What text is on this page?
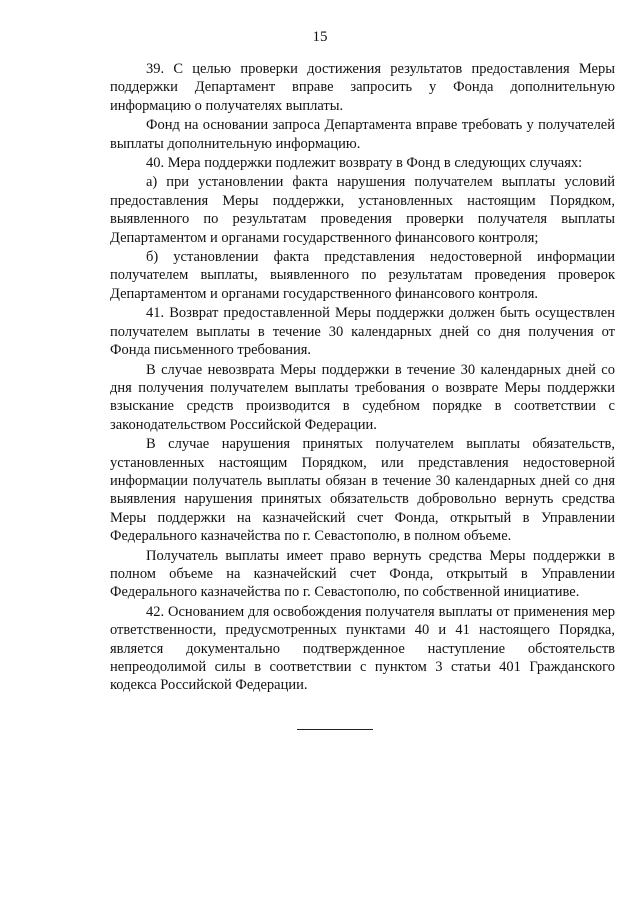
15

39. С целью проверки достижения результатов предоставления Меры поддержки Департамент вправе запросить у Фонда дополнительную информацию о получателях выплаты.

Фонд на основании запроса Департамента вправе требовать у получателей выплаты дополнительную информацию.

40. Мера поддержки подлежит возврату в Фонд в следующих случаях:

а) при установлении факта нарушения получателем выплаты условий предоставления Меры поддержки, установленных настоящим Порядком, выявленного по результатам проведения проверки получателя выплаты Департаментом и органами государственного финансового контроля;

б) установлении факта представления недостоверной информации получателем выплаты, выявленного по результатам проведения проверок Департаментом и органами государственного финансового контроля.

41. Возврат предоставленной Меры поддержки должен быть осуществлен получателем выплаты в течение 30 календарных дней со дня получения от Фонда письменного требования.

В случае невозврата Меры поддержки в течение 30 календарных дней со дня получения получателем выплаты требования о возврате Меры поддержки взыскание средств производится в судебном порядке в соответствии с законодательством Российской Федерации.

В случае нарушения принятых получателем выплаты обязательств, установленных настоящим Порядком, или представления недостоверной информации получатель выплаты обязан в течение 30 календарных дней со дня выявления нарушения принятых обязательств добровольно вернуть средства Меры поддержки на казначейский счет Фонда, открытый в Управлении Федерального казначейства по г. Севастополю, в полном объеме.

Получатель выплаты имеет право вернуть средства Меры поддержки в полном объеме на казначейский счет Фонда, открытый в Управлении Федерального казначейства по г. Севастополю, по собственной инициативе.

42. Основанием для освобождения получателя выплаты от применения мер ответственности, предусмотренных пунктами 40 и 41 настоящего Порядка, является документально подтвержденное наступление обстоятельств непреодолимой силы в соответствии с пунктом 3 статьи 401 Гражданского кодекса Российской Федерации.
